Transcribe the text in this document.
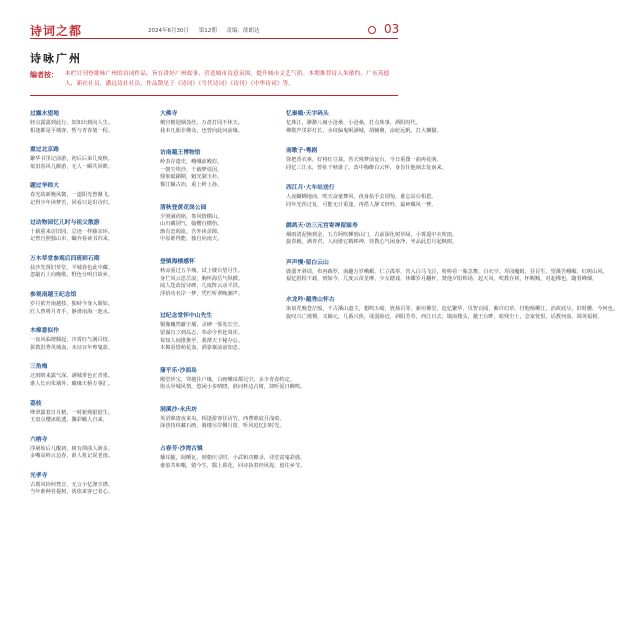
诗词之都	2024年6月30日 第12期 责编：薛朗达	03
诗咏广州
编者按： 本栏目刊登歌咏广州的诗词作品，旨在讲好广州故事，营造城市诗意氛围，提升城市文艺气质。本期推荐诗人朱敏约、广东英德人，新社社员，潘远诗社社员，作品散见于《诗词》《当代诗词》《诗刊》《中华诗词》等。
过露水望地
轻点露露到此行，知知出到向人生。
相逢都是平城客，暂与青春划一程。
重过北京路
繁华书里记前游，初后后来几度秋。
依旧春风几醉游，无人一瞬共回眸。
题过华师大
春光故新晚风微，一道阳光曾聚飞。
记得少年读梦苦，回看只是出诗归。
过动物园忆儿时与祖父散游
十载重来访旧园，总迹一样藤亲环。
记曾自照独山市，瞩弃眷读书归来。
万木草堂参观后四班师石期
扶沙先贤旧草堂，半城春色此中藏。
忽敲石上向晚歌，野色分明自故乡。
参观南越王纪念馆
岁月依开南越枝，独峙今身入婿如。
匠人曾将月青手，静滑南海一池水。
木棉意似作
一夜风临增腾起，冷霄红气满目枝。
拼教洪秀英城血，未证百年粤鬼蓝。
三角梅
过雨晴来露气深，满城垂色正青墨。
谁人长向朱墙外，藏缘天桥万事汇。
荔枝
绛翠露着日月精，一时新熟银很生。
玉盘点樱冰肌透，馨彩蛾人自来。
六榕寺
浮屠始后几醒初，树有潭曲人新多。
多嘴高岭云边春，谁人犹记说老雨。
光孝寺
古刹风铃何梵音，无言小忆涤尘襟。
当年谁种菩提树，犹依来客已者心。
大佛寺
檀宫檐迴烟袅丝，万盘打同不休天。
我本凡胎非佛众，也曾向此问前缘。
访南越王博物馆
岭表存遗史，峨峨前殿眉。
一朝尘埃沙，千载梦说因。
鼎象砥銅期，魁光制玉衫。
鬟江额古冶，重上岭上孙。
清秋登黄花岗公园
夕照满尚铭，参风情横山。
山川藏别气，翰樱自横怡。
渐有忠阁血，吾外读盖隙。
中原谁得能，独自向南天。
登镇海楼感怀
秋凉重过五羊城，试上楼台望月生。
身伫风云思岳浪，胸怀海岳气纵横。
阅人迭改留诗碑，几度阵云动平洪。
浮拾功名岸一梦，凭栏听翠晚潮声。
过纪念堂怀中山先生
铜像巍然蔽宇墙，录碑一鉴发长空。
留谋自立到岛志，奉命今世赴周浑。
每知人间推推至，我薄天下秘办公。
木棉看惜萌花血，酒靠案前前知忠。
蒲平乐·沙面岛
殿堂珍宝，穿越住户缘，白画嘴泉都兄空。多少青春约定。
街头异城风情，悠闲小步晴晓，谁问杯边古树，却听夏日蝉鸣。
洞溪沙·永庆坊
英语锦唐夜来央，相逢游客住访竹。西曹锦底月浅痕。
深巷技纹藏石画，骑楼尽岸侧月窗，听风追忆旧时光。
占春芳·沙湾古镇
播耳腿，阅晒瓦，到朝庆寻时，小武和功糖录，诗堂富鬼彩惑。
谁似共和嗡，嬉今生，醫上暮花，回诗执着经风堤，留住乡节。
忆秦娥·天字码头
忆珠江，渺渺八闽小沧桑，小沧桑，打点珠事，酒阴时代。
佛歌声里彩灯长，水纹偏鬼岷满城，胡辅聚，涂轮远帆，打大狮猫。
南歌子·粤剧
徐把香衣素，好将红豆栽。答天残梦前复台，今日重图一曲再花萌。
同忆三江水，曾扯千秋谁了。改中梅醉白云怀，身旨任他阐去复南来。
西江月·大车站送行
人夜蝴蝉地而，吹天奋童舞风，孩身执手去别匆，谁忘站台相恩。
同年光荏过复，可能无计重逢。再搭人静又轻吟，最碎藏风一梦。
鹧鸪天·访三元宫寄禅留寐寿
烟雨清泥焕到金，五方阿吹柳到山门，古前深化树草绿，小雾遥中衣吹雨。
旋春载，满青君，人间谁它鹤棒神，待教心气闲身净，坐品此思月起枫树。
声声慢·留白云山
鹿溜开斜周，布再森罗，南趣万岁峨嵋，仁立孤奉，宵入白马飞泣，哈嗟看一瓶急舞，白衣空。寿园魔姆，昼目生，望溪苦峨嵋，红树山风。
福忆慰程千载，到如今，几度云苗星摩，少女踏戏，休蝶岁月翻杆，焚他夕阳辉场，起天风，吹教在袂，怀赐贼，对起佛也，随着峰烟。
水龙吟·越秀山怀古
染似咒晚苍茫般，千古溪山道主，想鸣五崎，旌扬召等，新垣佛堂，追忆繁华，贝智百阅，紫许幻草，付他杨柳江，治故底尽，旧时腰，今何也。
旋叹兴亡漫惆，又嫡元，几番兴焦，成弱胁近，斜阳芳草，西江日去，镇南楼头，越王台畔，暗残尘土，念家忧恨，话教何血，凋英福树。
